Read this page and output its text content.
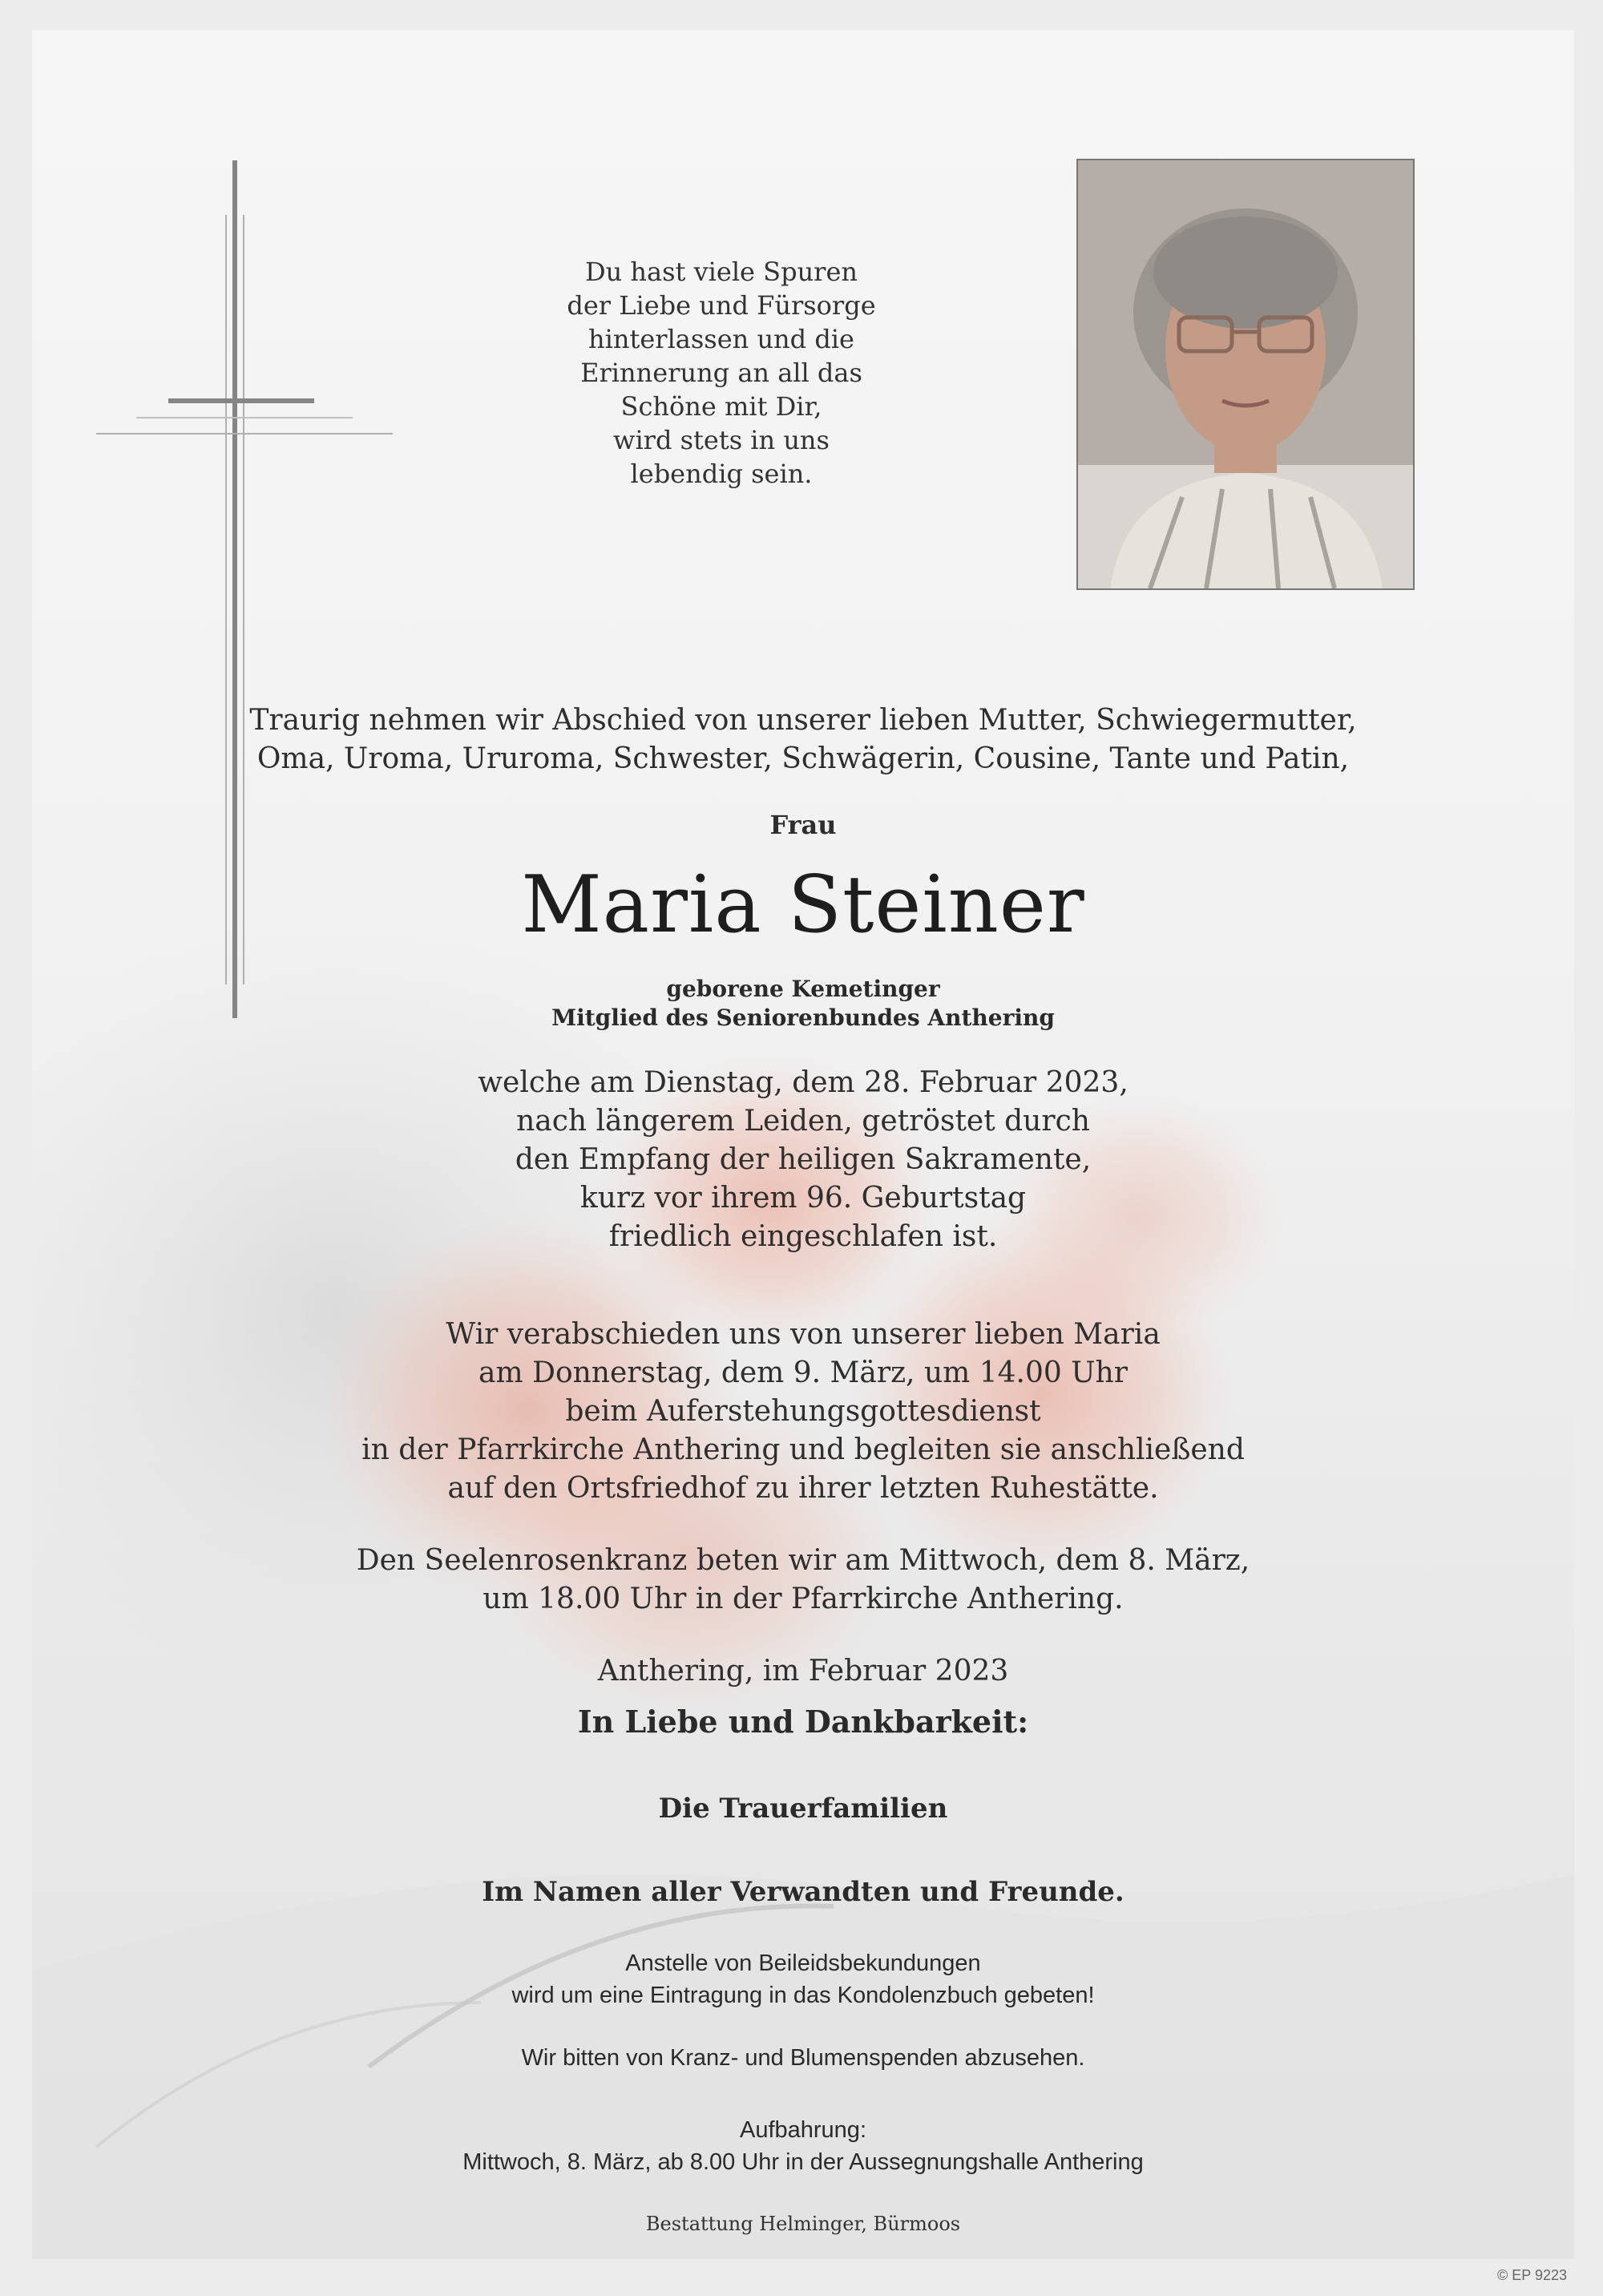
Du hast viele Spuren
der Liebe und Fürsorge
hinterlassen und die
Erinnerung an all das
Schöne mit Dir,
wird stets in uns
lebendig sein.
Traurig nehmen wir Abschied von unserer lieben Mutter, Schwiegermutter,
Oma, Uroma, Ururoma, Schwester, Schwägerin, Cousine, Tante und Patin,
Frau
Maria Steiner
geborene Kemetinger
Mitglied des Seniorenbundes Anthering
welche am Dienstag, dem 28. Februar 2023,
nach längerem Leiden, getröstet durch
den Empfang der heiligen Sakramente,
kurz vor ihrem 96. Geburtstag
friedlich eingeschlafen ist.
Wir verabschieden uns von unserer lieben Maria
am Donnerstag, dem 9. März, um 14.00 Uhr
beim Auferstehungsgottesdienst
in der Pfarrkirche Anthering und begleiten sie anschließend
auf den Ortsfriedhof zu ihrer letzten Ruhestätte.
Den Seelenrosenkranz beten wir am Mittwoch, dem 8. März,
um 18.00 Uhr in der Pfarrkirche Anthering.
Anthering, im Februar 2023
In Liebe und Dankbarkeit:
Die Trauerfamilien
Im Namen aller Verwandten und Freunde.
Anstelle von Beileidsbekundungen
wird um eine Eintragung in das Kondolenzbuch gebeten!
Wir bitten von Kranz- und Blumenspenden abzusehen.
Aufbahrung:
Mittwoch, 8. März, ab 8.00 Uhr in der Aussegnungshalle Anthering
Bestattung Helminger, Bürmoos
© EP 9223
